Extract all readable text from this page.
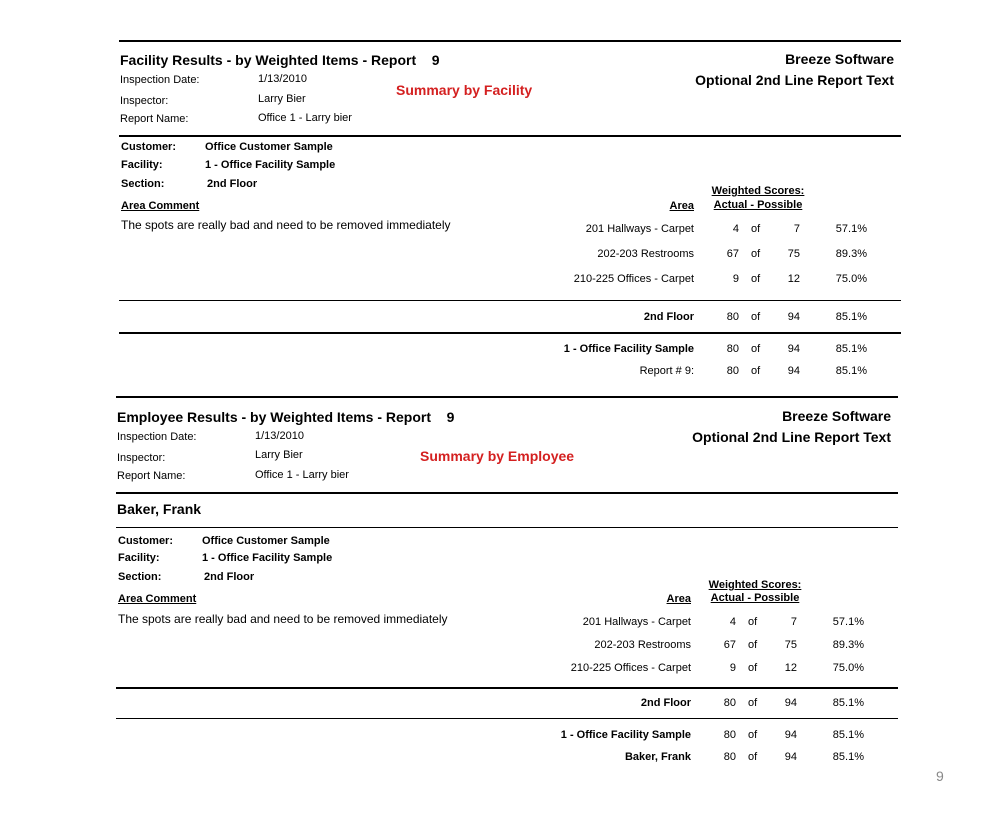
Facility Results - by Weighted Items - Report 9	Breeze Software
Optional 2nd Line Report Text
Inspection Date:	1/13/2010
Inspector:	Larry Bier
Summary by Facility
Report Name:	Office 1 - Larry bier
Customer:	Office Customer Sample
Facility:	1 - Office Facility Sample
Section:	2nd Floor
Area Comment	Area
Weighted Scores:
Actual - Possible
The spots are really bad and need to be removed immediately	201 Hallways - Carpet	4 of	7	57.1%
202-203 Restrooms	67 of	75	89.3%
210-225 Offices - Carpet	9 of	12	75.0%
2nd Floor	80 of	94	85.1%
1 - Office Facility Sample	80 of	94	85.1%
Report # 9:	80 of	94	85.1%
Employee Results - by Weighted Items - Report 9	Breeze Software
Optional 2nd Line Report Text
Inspection Date:	1/13/2010
Inspector:	Larry Bier	Summary by Employee
Report Name:	Office 1 - Larry bier
Baker, Frank
Customer:	Office Customer Sample
Facility:	1 - Office Facility Sample
Section:	2nd Floor
Area Comment	Area
Weighted Scores:
Actual - Possible
The spots are really bad and need to be removed immediately	201 Hallways - Carpet	4 of	7	57.1%
202-203 Restrooms	67 of	75	89.3%
210-225 Offices - Carpet	9 of	12	75.0%
2nd Floor	80 of	94	85.1%
1 - Office Facility Sample	80 of	94	85.1%
Baker, Frank	80 of	94	85.1%
9
